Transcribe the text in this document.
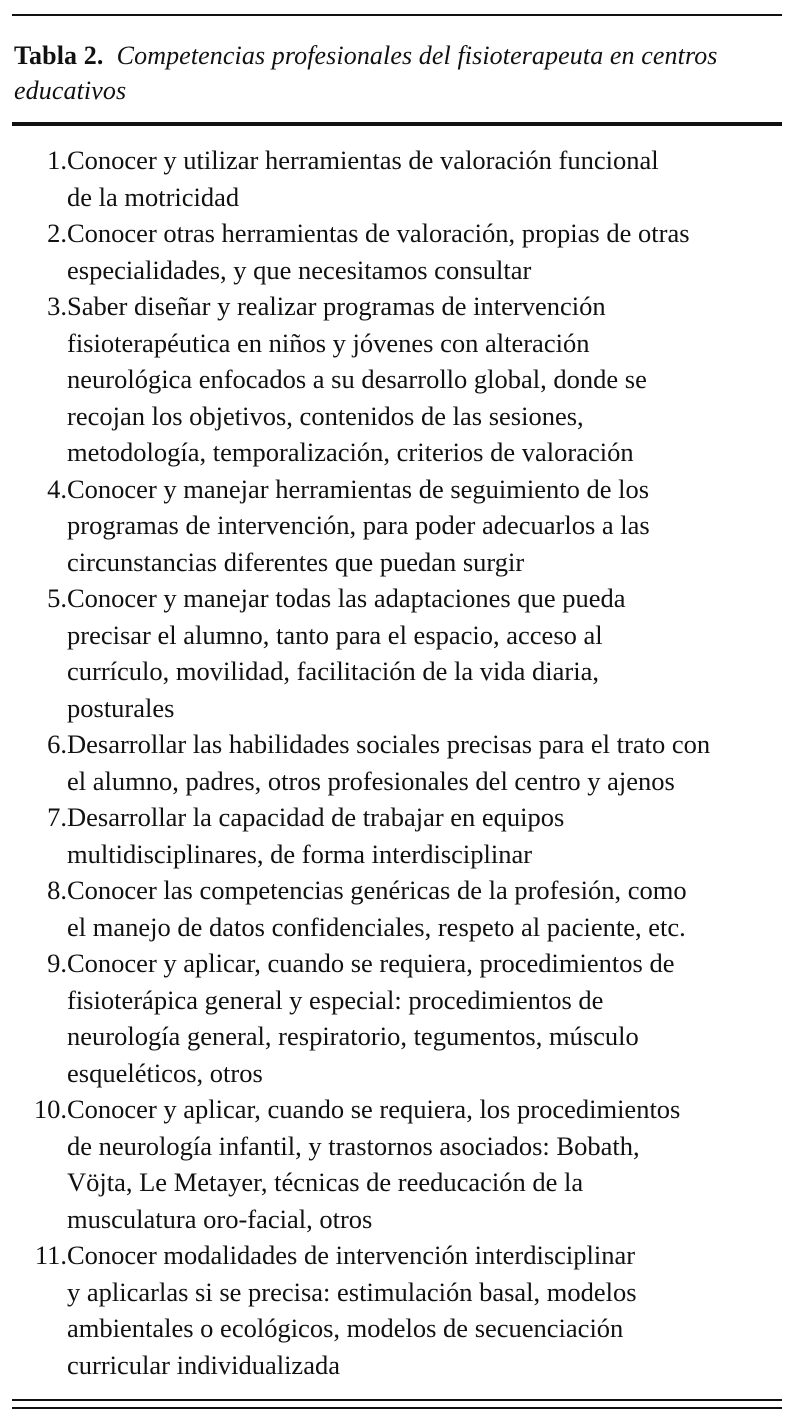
Tabla 2. Competencias profesionales del fisioterapeuta en centros
educativos
1. Conocer y utilizar herramientas de valoración funcional
de la motricidad
2. Conocer otras herramientas de valoración, propias de otras
especialidades, y que necesitamos consultar
3. Saber diseñar y realizar programas de intervención
fisioterapéutica en niños y jóvenes con alteración
neurológica enfocados a su desarrollo global, donde se
recojan los objetivos, contenidos de las sesiones,
metodología, temporalización, criterios de valoración
4. Conocer y manejar herramientas de seguimiento de los
programas de intervención, para poder adecuarlos a las
circunstancias diferentes que puedan surgir
5. Conocer y manejar todas las adaptaciones que pueda
precisar el alumno, tanto para el espacio, acceso al
currículo, movilidad, facilitación de la vida diaria,
posturales
6. Desarrollar las habilidades sociales precisas para el trato con
el alumno, padres, otros profesionales del centro y ajenos
7. Desarrollar la capacidad de trabajar en equipos
multidisciplinares, de forma interdisciplinar
8. Conocer las competencias genéricas de la profesión, como
el manejo de datos confidenciales, respeto al paciente, etc.
9. Conocer y aplicar, cuando se requiera, procedimientos de
fisioterápica general y especial: procedimientos de
neurología general, respiratorio, tegumentos, músculo
esqueléticos, otros
10. Conocer y aplicar, cuando se requiera, los procedimientos
de neurología infantil, y trastornos asociados: Bobath,
Vöjta, Le Metayer, técnicas de reeducación de la
musculatura oro-facial, otros
11. Conocer modalidades de intervención interdisciplinar
y aplicarlas si se precisa: estimulación basal, modelos
ambientales o ecológicos, modelos de secuenciación
curricular individualizada
